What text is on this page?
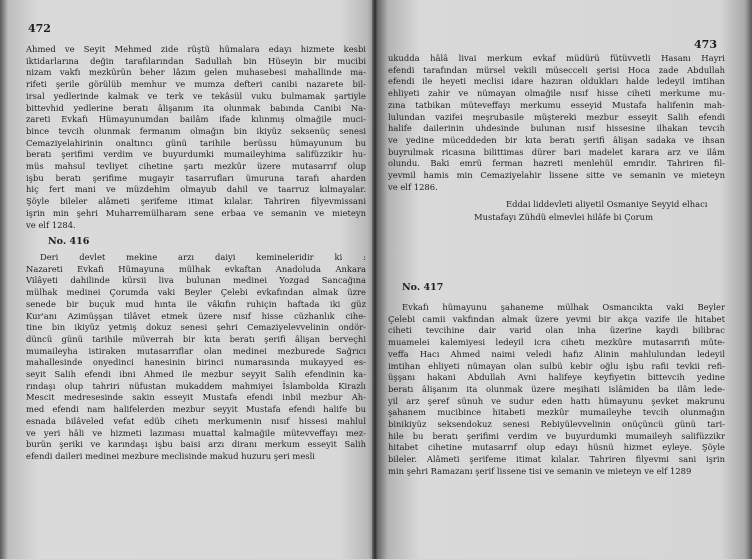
472
Ahmed ve Seyit Mehmed zide rüştü hümalara edayı hizmete kesbi
iktidarlarına değin tarafılarından Sadullah bin Hüseyin bir mucibi
nizam vakfı mezkûrün beher lâzım gelen muhasebesi mahallinde ma-
rifeti şerile görülüb memhur ve mumza defteri canibi nazarete bil-
irsal yedlerinde kalmak ve terk ve tekâsül vuku bulmamak şartiyle
bittevhid yedlerine beratı âlişanım ita olunmak babında Canibi Na-
zareti Evkafı Hümayunumdan bailâm ifade kılınmış olmağile muci-
bince tevcih olunmak fermanım olmağın bin ikiyüz seksenüç senesi
Cemaziyelahirinin onaltıncı günü tarihile berüssu hümayunum bu
beratı şerifimi verdim ve buyurdumki mumaileyhima salifüzzikir hu-
müs mahsul tevliyet cihetine şartı mezkûr üzere mutasarrıf olup
işbu beratı şerifime mugayir tasarrufları ümuruna tarafı aharden
hiç fert mani ve müzdehim olmayub dahil ve taarruz kılmayalar.
Şöyle bileler alâmeti şerifeme itimat kılalar. Tahriren filyevmissani
işrin min şehri Muharremülharam sene erbaa ve semanin ve mieteyn
ve elf 1284.
No. 416
Deri devlet mekine arzı daiyi kemineleridir ki :
Nazareti Evkafı Hümayuna mülhak evkaftan Anadoluda Ankara
Vilâyeti dahilinde kürsii liva bulunan medinei Yozgad Sancağına
mülhak medinei Çorumda vaki Beyler Çelebi evkafından almak üzre
senede bir buçuk mud hınta ile vâkıfın ruhiçin haftada iki güz
Kur'anı Azimüşşan tilâvet etmek üzere nısıf hisse cüzhanlık cihe-
tine bin ikiyüz yetmiş dokuz senesi şehri Cemaziyelevvelinin ondör-
düncü günü tarihile müverrah bir kıta beratı şerifi âlişan berveçhi
mumaileyha istiraken mutasarrıflar olan medinei mezburede Sağrıcı
mahallesinde onyedinci hanesinin birinci numarasında mukayyed es-
seyit Salih efendi ibni Ahmed ile mezbur seyyit Salih efendinin ka-
rındaşı olup tahriri nüfustan mukaddem mahmiyei İslambolda Kirazlı
Mescit medresesinde sakin esseyit Mustafa efendi inbil mezbur Ah-
med efendi nam halifelerden mezbur seyyit Mustafa efendi halife bu
esnada bilâveled vefat edüb cihetı merkumenin nısıf hissesi mahlul
ve yeri hâli ve hizmeti lazıması muattal kalmağile mütevveffayı mez-
burün şeriki ve karındaşı işbu baisi arzı diranı merkum esseyit Salih
efendi daileri medinei mezbure meclisinde makud huzuru şeri mesli
473
ukudda hâlâ livai merkum evkaf müdürü fütüvvetli Hasanı Hayri
efendi tarafından mürsel vekili müsecceli şerisi Hoca zade Abdullah
efendi ile heyeti meclisi idare hazıran oldukları halde ledeyil imtihan
ehliyeti zahir ve nümayan olmağile nısıf hisse ciheti merkume mu-
zına tatbikan müteveffayı merkumu esseyid Mustafa halifenin mah-
lulundan vazifei meşrubasile müştereki mezbur esseyit Salih efendi
halife dailerinin uhdesinde bulunan nısıf hissesine ilhakan tevcih
ve yedine müceddeden bir kıta beratı şerifi âlişan sadaka ve ihsan
buyrulmak ricasına bilittimas dürer bari madelet karara arz ve ilâm
olundu. Baki emrü ferman hazreti menlehül emrıdir. Tahriren fil-
yevmil hamis min Cemaziyelahir lissene sitte ve semanin ve mieteyn
ve elf 1286.
Eddai liddevleti aliyetil Osmaniye Seyyid elhacı
Mustafayı Zühdü elmevlei hilâfe bi Çorum
No. 417
Evkafı hümayunu şahaneme mülhak Osmancıkta vaki Beyler
Çelebi camii vakfından almak üzere yevmi bir akça vazife ile hitabet
ciheti tevcihine dair varid olan inha üzerine kaydi bilibrac
muamelei kalemiyesi ledeyil icra cihetı mezkûre mutasarrıfı müte-
veffa Hacı Ahmed naimi veledi hafız Alinin mahlulundan ledeyil
imtihan ehliyeti nümayan olan sulbü kebir oğlu işbu rafii tevkii refi-
üşşanı hakani Abdullah Avni halifeye keyfiyetin bittevcih yedine
beratı âlişanım ita olunmak üzere meşihati islâmiden ba ilâm lede-
yil arz şeref sünuh ve sudur eden hattı hümayunu şevket makrunu
şahanem mucibince hitabeti mezkûr mumaileyhe tevcih olunmağın
binikiyüz seksendokuz senesi Rebiyülevvelinin onüçüncü günü tari-
hile bu beratı şerifimi verdim ve buyurdumki mumaileyh salifüzzikr
hitabet cihetine mutasarrıf olup edayı hüsnü hizmet eyleye. Şöyle
bileler. Alâmeti şerifeme itimat kılalar. Tahriren filyevmi sani işrin
min şehri Ramazanı şerif lissene tisi ve semanin ve mieteyn ve elf 1289
